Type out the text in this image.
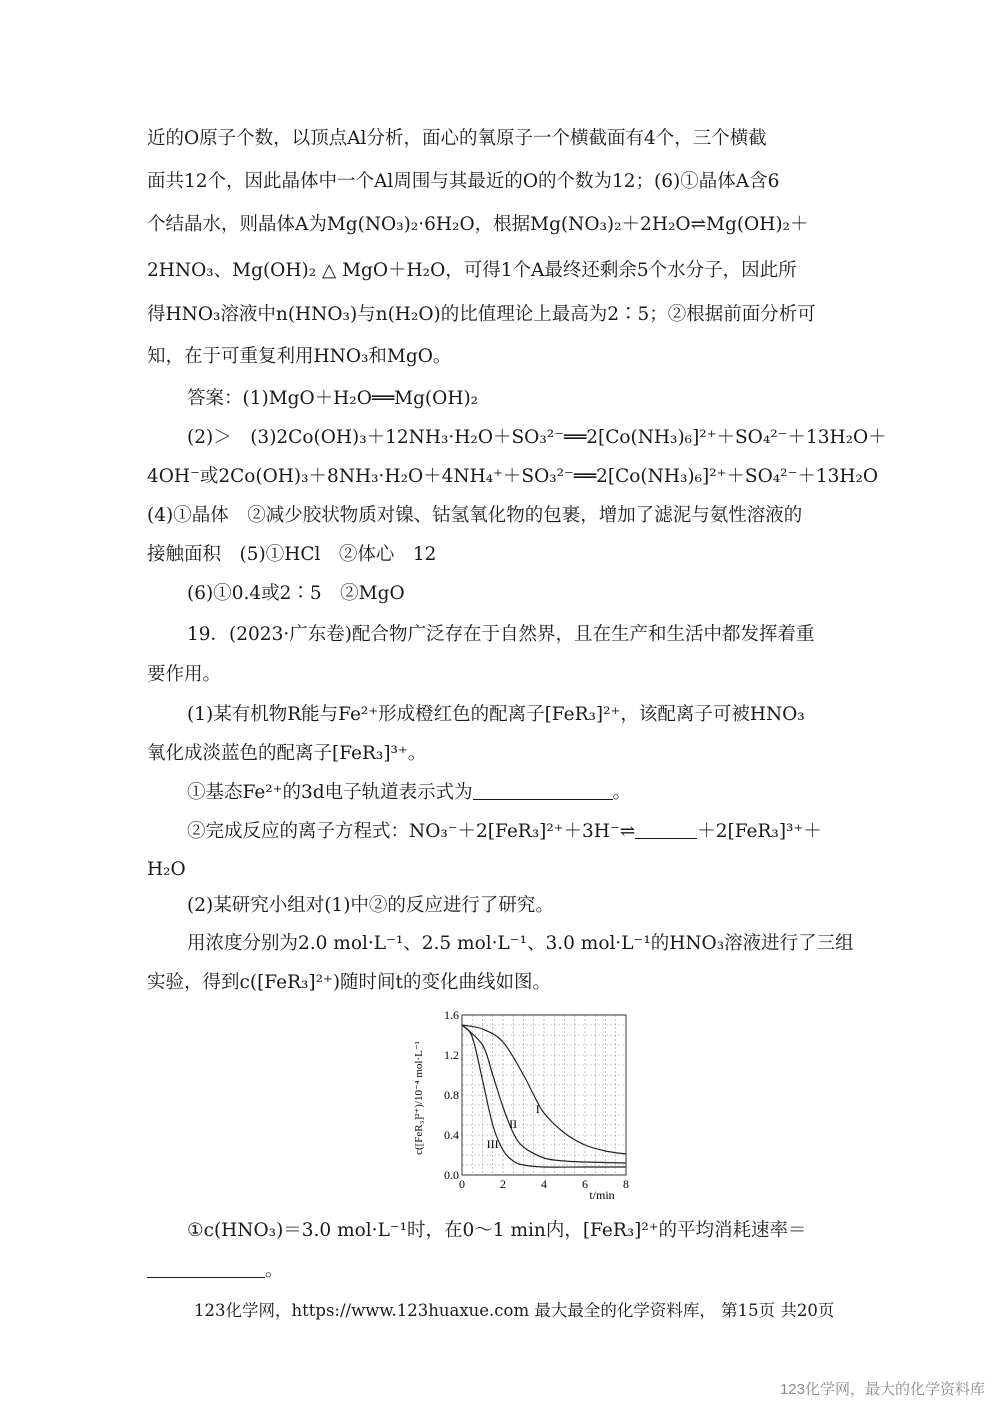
近的O原子个数，以顶点Al分析，面心的氧原子一个横截面有4个，三个横截
面共12个，因此晶体中一个Al周围与其最近的O的个数为12；(6)①晶体A含6
个结晶水，则晶体A为Mg(NO₃)₂·6H₂O，根据Mg(NO₃)₂＋2H₂O⇌Mg(OH)₂＋
2HNO₃、Mg(OH)₂ △ MgO＋H₂O，可得1个A最终还剩余5个水分子，因此所
得HNO₃溶液中n(HNO₃)与n(H₂O)的比值理论上最高为2∶5；②根据前面分析可
知，在于可重复利用HNO₃和MgO。
答案：(1)MgO＋H₂O══Mg(OH)₂
(2)＞　(3)2Co(OH)₃＋12NH₃·H₂O＋SO₃²⁻══2[Co(NH₃)₆]²⁺＋SO₄²⁻＋13H₂O＋
4OH⁻或2Co(OH)₃＋8NH₃·H₂O＋4NH₄⁺＋SO₃²⁻══2[Co(NH₃)₆]²⁺＋SO₄²⁻＋13H₂O
(4)①晶体　②减少胶状物质对镍、钴氢氧化物的包裹，增加了滤泥与氨性溶液的
接触面积　(5)①HCl　②体心　12
(6)①0.4或2∶5　②MgO
19．(2023·广东卷)配合物广泛存在于自然界，且在生产和生活中都发挥着重
要作用。
(1)某有机物R能与Fe²⁺形成橙红色的配离子[FeR₃]²⁺，该配离子可被HNO₃
氧化成淡蓝色的配离子[FeR₃]³⁺。
①基态Fe²⁺的3d电子轨道表示式为	。
②完成反应的离子方程式：NO₃⁻＋2[FeR₃]²⁺＋3H⁻⇌	＋2[FeR₃]³⁺＋
H₂O
(2)某研究小组对(1)中②的反应进行了研究。
用浓度分别为2.0 mol·L⁻¹、2.5 mol·L⁻¹、3.0 mol·L⁻¹的HNO₃溶液进行了三组
实验，得到c([FeR₃]²⁺)随时间t的变化曲线如图。
I
II
III
0	2	4	6	8
0.0
0.4
0.8
1.2
1.6
c([FeR₃]²⁺)/10⁻⁴ mol·L⁻¹
t/min
①c(HNO₃)＝3.0 mol·L⁻¹时，在0～1 min内，[FeR₃]²⁺的平均消耗速率＝
。
123化学网，https://www.123huaxue.com 最大最全的化学资料库， 第15页 共20页
123化学网，最大的化学资料库
